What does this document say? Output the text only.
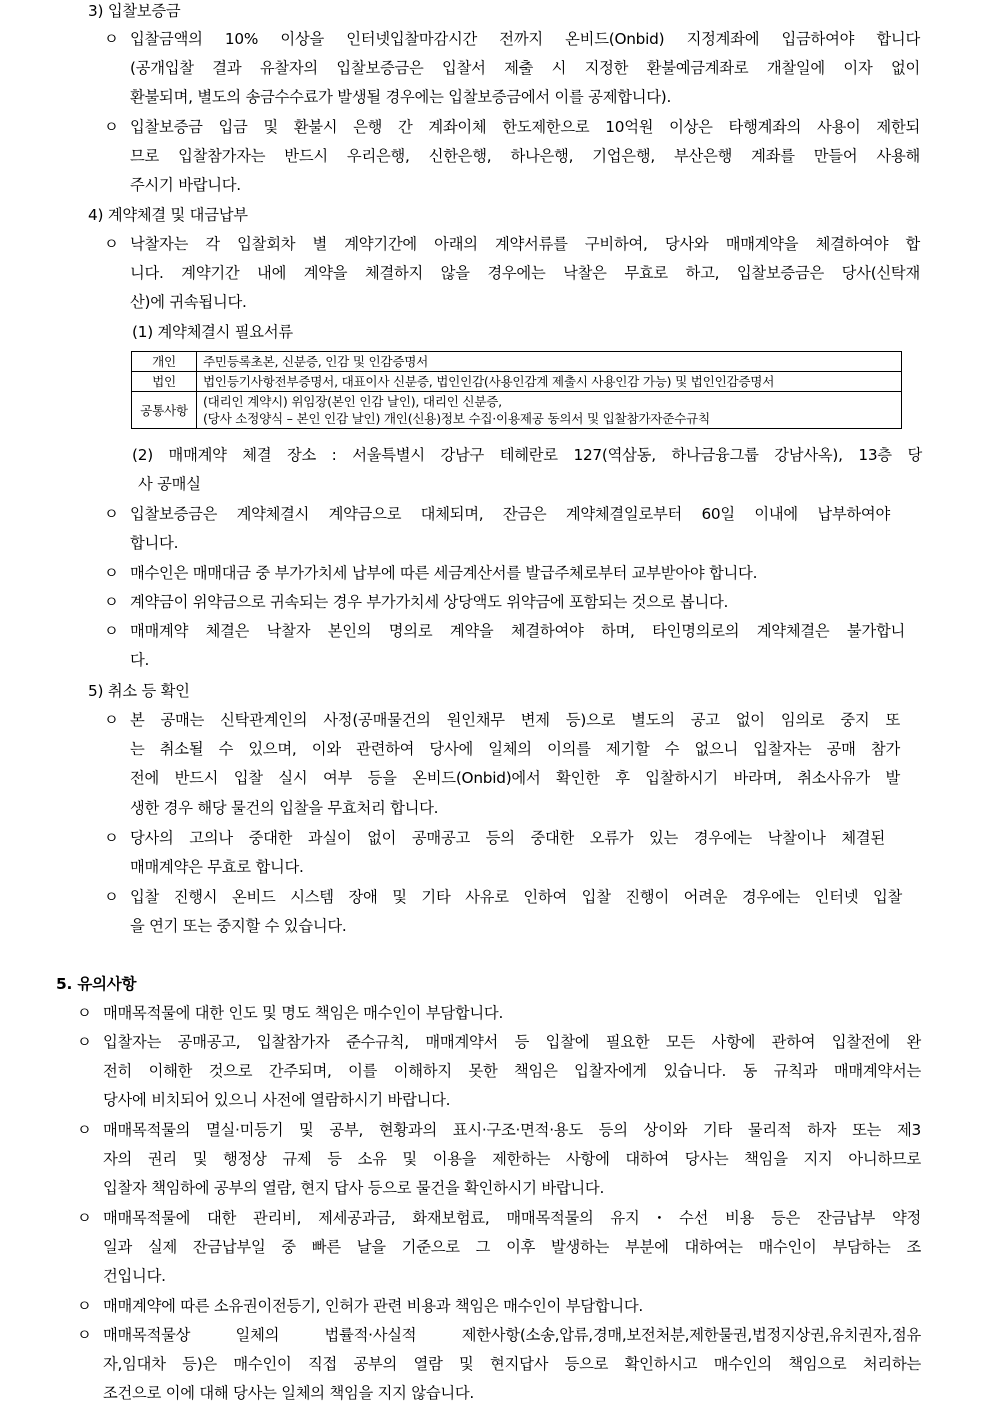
3) 입찰보증금
ㅇ 입찰금액의 10% 이상을 인터넷입찰마감시간 전까지 온비드(Onbid) 지정계좌에 입금하여야 합니다
(공개입찰 결과 유찰자의 입찰보증금은 입찰서 제출 시 지정한 환불예금계좌로 개찰일에 이자 없이
환불되며, 별도의 송금수수료가 발생될 경우에는 입찰보증금에서 이를 공제합니다).
ㅇ 입찰보증금 입금 및 환불시 은행 간 계좌이체 한도제한으로 10억원 이상은 타행계좌의 사용이 제한되
므로 입찰참가자는 반드시 우리은행, 신한은행, 하나은행, 기업은행, 부산은행 계좌를 만들어 사용해
주시기 바랍니다.
4) 계약체결 및 대금납부
ㅇ 낙찰자는 각 입찰회차 별 계약기간에 아래의 계약서류를 구비하여, 당사와 매매계약을 체결하여야 합
니다. 계약기간 내에 계약을 체결하지 않을 경우에는 낙찰은 무효로 하고, 입찰보증금은 당사(신탁재
산)에 귀속됩니다.
(1) 계약체결시 필요서류
개인	주민등록초본, 신분증, 인감 및 인감증명서
법인	법인등기사항전부증명서, 대표이사 신분증, 법인인감(사용인감계 제출시 사용인감 가능) 및 법인인감증명서
공통사항	(대리인 계약시) 위임장(본인 인감 날인), 대리인 신분증,
(당사 소정양식 – 본인 인감 날인) 개인(신용)정보 수집·이용제공 동의서 및 입찰참가자준수규칙
(2) 매매계약 체결 장소 : 서울특별시 강남구 테헤란로 127(역삼동, 하나금융그룹 강남사옥), 13층 당
사 공매실
ㅇ 입찰보증금은 계약체결시 계약금으로 대체되며, 잔금은 계약체결일로부터 60일 이내에 납부하여야
합니다.
ㅇ 매수인은 매매대금 중 부가가치세 납부에 따른 세금계산서를 발급주체로부터 교부받아야 합니다.
ㅇ 계약금이 위약금으로 귀속되는 경우 부가가치세 상당액도 위약금에 포함되는 것으로 봅니다.
ㅇ 매매계약 체결은 낙찰자 본인의 명의로 계약을 체결하여야 하며, 타인명의로의 계약체결은 불가합니
다.
5) 취소 등 확인
ㅇ 본 공매는 신탁관계인의 사정(공매물건의 원인채무 변제 등)으로 별도의 공고 없이 임의로 중지 또
는 취소될 수 있으며, 이와 관련하여 당사에 일체의 이의를 제기할 수 없으니 입찰자는 공매 참가
전에 반드시 입찰 실시 여부 등을 온비드(Onbid)에서 확인한 후 입찰하시기 바라며, 취소사유가 발
생한 경우 해당 물건의 입찰을 무효처리 합니다.
ㅇ 당사의 고의나 중대한 과실이 없이 공매공고 등의 중대한 오류가 있는 경우에는 낙찰이나 체결된
매매계약은 무효로 합니다.
ㅇ 입찰 진행시 온비드 시스템 장애 및 기타 사유로 인하여 입찰 진행이 어려운 경우에는 인터넷 입찰
을 연기 또는 중지할 수 있습니다.
5. 유의사항
ㅇ 매매목적물에 대한 인도 및 명도 책임은 매수인이 부담합니다.
ㅇ 입찰자는 공매공고, 입찰참가자 준수규칙, 매매계약서 등 입찰에 필요한 모든 사항에 관하여 입찰전에 완
전히 이해한 것으로 간주되며, 이를 이해하지 못한 책임은 입찰자에게 있습니다. 동 규칙과 매매계약서는
당사에 비치되어 있으니 사전에 열람하시기 바랍니다.
ㅇ 매매목적물의 멸실·미등기 및 공부, 현황과의 표시·구조·면적·용도 등의 상이와 기타 물리적 하자 또는 제3
자의 권리 및 행정상 규제 등 소유 및 이용을 제한하는 사항에 대하여 당사는 책임을 지지 아니하므로
입찰자 책임하에 공부의 열람, 현지 답사 등으로 물건을 확인하시기 바랍니다.
ㅇ 매매목적물에 대한 관리비, 제세공과금, 화재보험료, 매매목적물의 유지・수선 비용 등은 잔금납부 약정
일과 실제 잔금납부일 중 빠른 날을 기준으로 그 이후 발생하는 부분에 대하여는 매수인이 부담하는 조
건입니다.
ㅇ 매매계약에 따른 소유권이전등기, 인허가 관련 비용과 책임은 매수인이 부담합니다.
ㅇ 매매목적물상 일체의 법률적·사실적 제한사항(소송,압류,경매,보전처분,제한물권,법정지상권,유치권자,점유
자,임대차 등)은 매수인이 직접 공부의 열람 및 현지답사 등으로 확인하시고 매수인의 책임으로 처리하는
조건으로 이에 대해 당사는 일체의 책임을 지지 않습니다.
